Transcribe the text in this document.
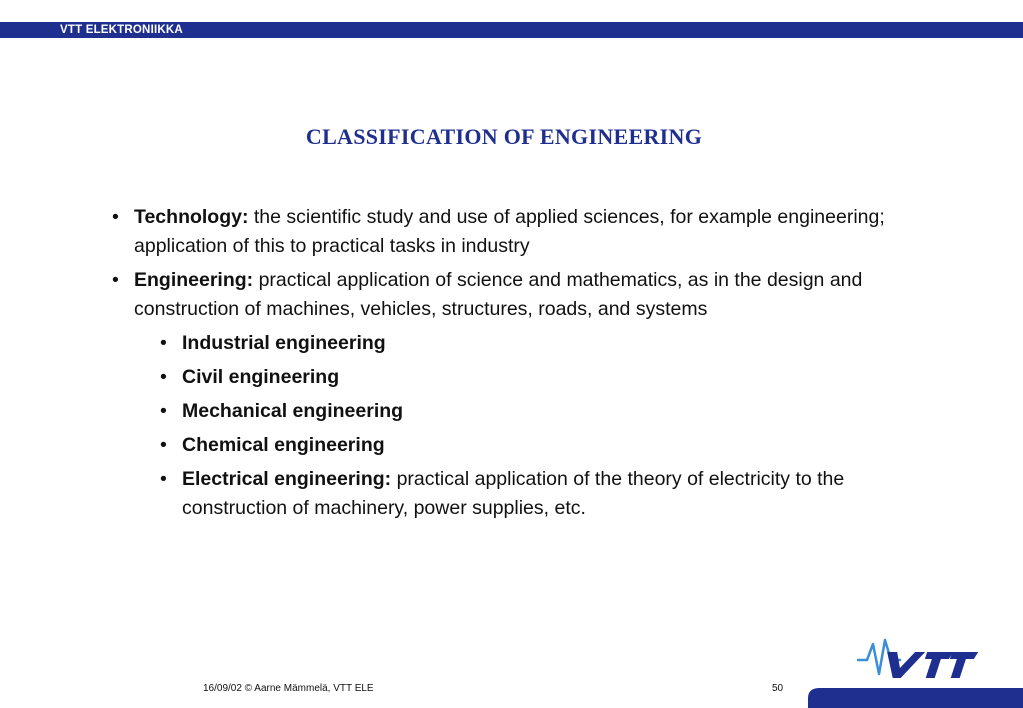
VTT ELEKTRONIIKKA
CLASSIFICATION OF ENGINEERING
• Technology: the scientific study and use of applied sciences, for example engineering; application of this to practical tasks in industry
• Engineering: practical application of science and mathematics, as in the design and construction of machines, vehicles, structures, roads, and systems
• Industrial engineering
• Civil engineering
• Mechanical engineering
• Chemical engineering
• Electrical engineering: practical application of the theory of electricity to the construction of machinery, power supplies, etc.
16/09/02 © Aarne Mämmelä, VTT ELE	50
